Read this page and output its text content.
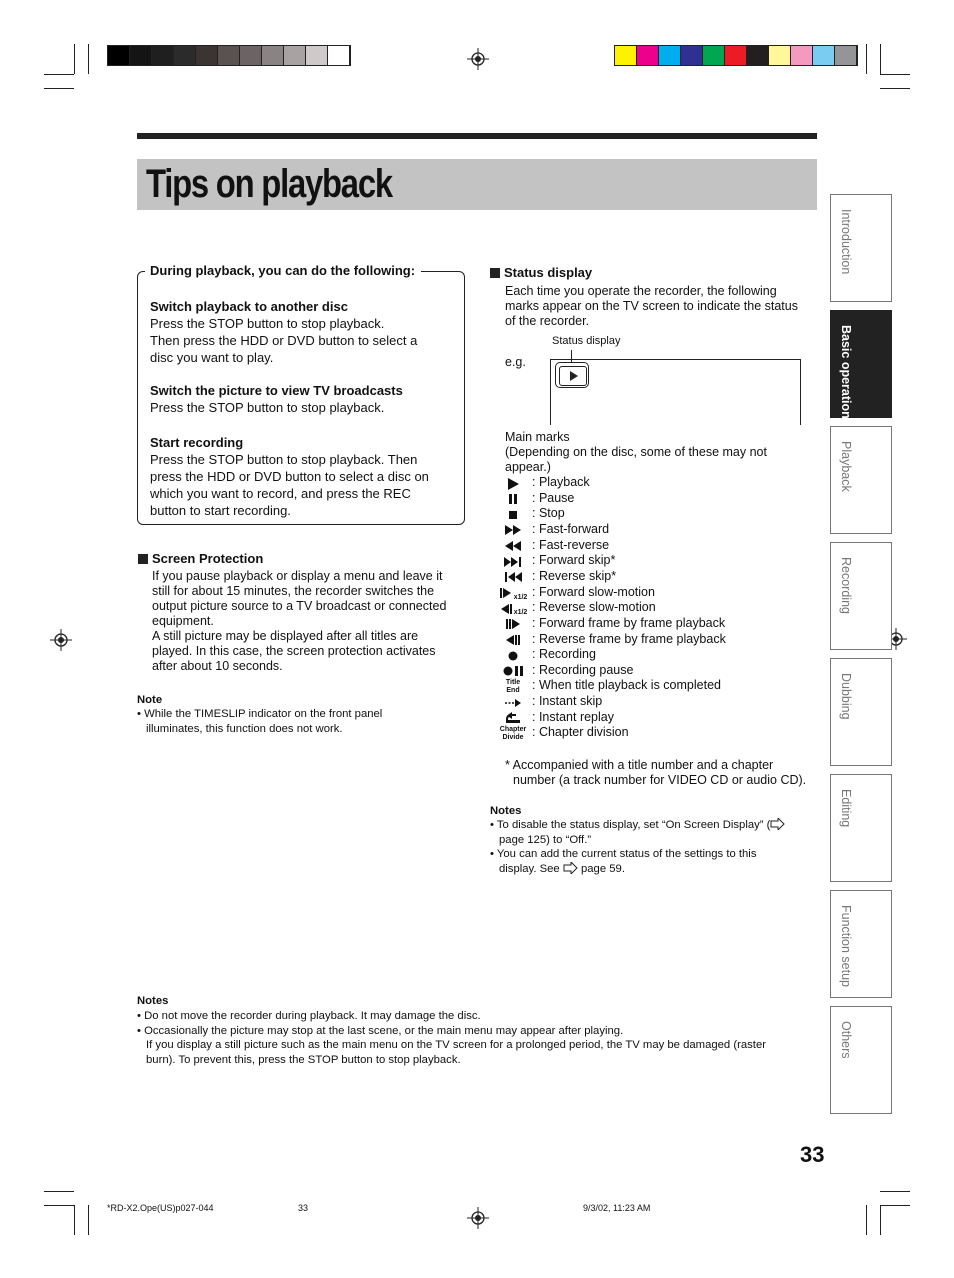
Tips on playback
During playback, you can do the following:
Switch playback to another disc
Press the STOP button to stop playback.
Then press the HDD or DVD button to select a
disc you want to play.
Switch the picture to view TV broadcasts
Press the STOP button to stop playback.
Start recording
Press the STOP button to stop playback. Then
press the HDD or DVD button to select a disc on
which you want to record, and press the REC
button to start recording.
Screen Protection
If you pause playback or display a menu and leave it
still for about 15 minutes, the recorder switches the
output picture source to a TV broadcast or connected
equipment.
A still picture may be displayed after all titles are
played. In this case, the screen protection activates
after about 10 seconds.
Note
• While the TIMESLIP indicator on the front panel
illuminates, this function does not work.
Status display
Each time you operate the recorder, the following
marks appear on the TV screen to indicate the status
of the recorder.
Status display
e.g.
Main marks
(Depending on the disc, some of these may not
appear.)
: Playback
: Pause
: Stop
: Fast-forward
: Fast-reverse
: Forward skip*
: Reverse skip*
x1/2 : Forward slow-motion
x1/2 : Reverse slow-motion
: Forward frame by frame playback
: Reverse frame by frame playback
: Recording
: Recording pause
Title
End : When title playback is completed
: Instant skip
: Instant replay
Chapter
Divide : Chapter division
* Accompanied with a title number and a chapter
number (a track number for VIDEO CD or audio CD).
Notes
• To disable the status display, set “On Screen Display” (
page 125) to “Off.”
• You can add the current status of the settings to this
display. See  page 59.
Notes
• Do not move the recorder during playback. It may damage the disc.
• Occasionally the picture may stop at the last scene, or the main menu may appear after playing.
If you display a still picture such as the main menu on the TV screen for a prolonged period, the TV may be damaged (raster
burn). To prevent this, press the STOP button to stop playback.
Introduction
Basic operations
Playback
Recording
Dubbing
Editing
Function setup
Others
33
*RD-X2.Ope(US)p027-044	33	9/3/02, 11:23 AM
